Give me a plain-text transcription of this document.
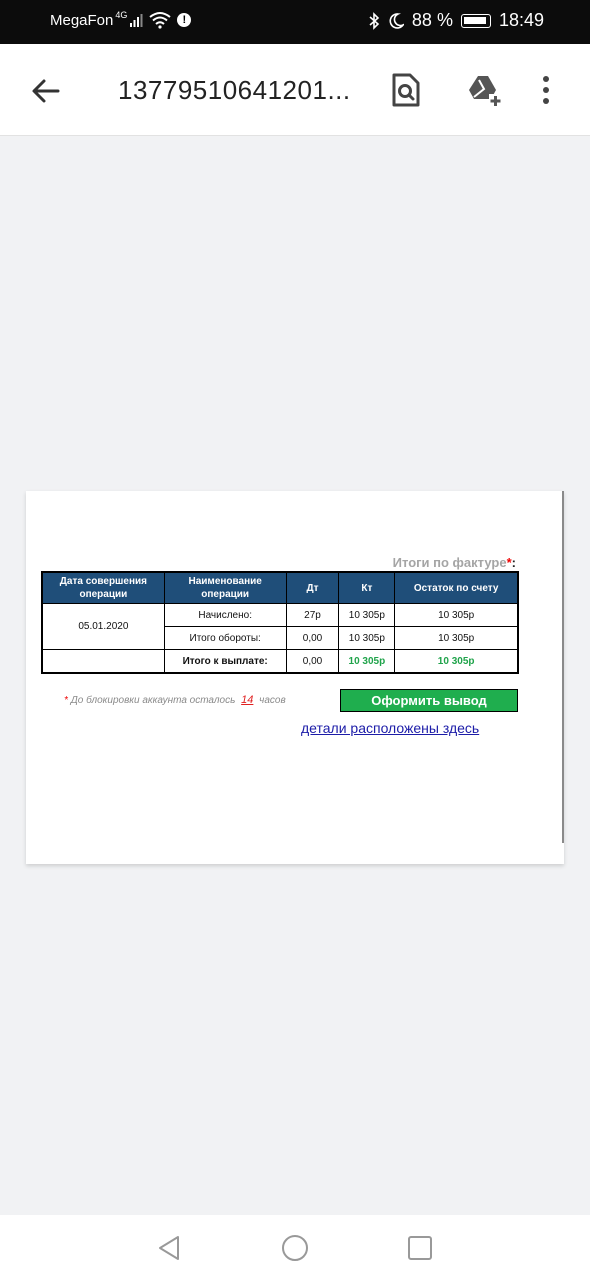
MegaFon 4G	!	88 %	18:49
13779510641201...
Итоги по фактуре*:
Дата совершения операции	Наименование операции	Дт	Кт	Остаток по счету
05.01.2020	Начислено:	27р	10 305р	10 305р
	Итого обороты:	0,00	10 305р	10 305р
	Итого к выплате:	0,00	10 305р	10 305р
* До блокировки аккаунта осталось 14 часов	Оформить вывод
детали расположены здесь
